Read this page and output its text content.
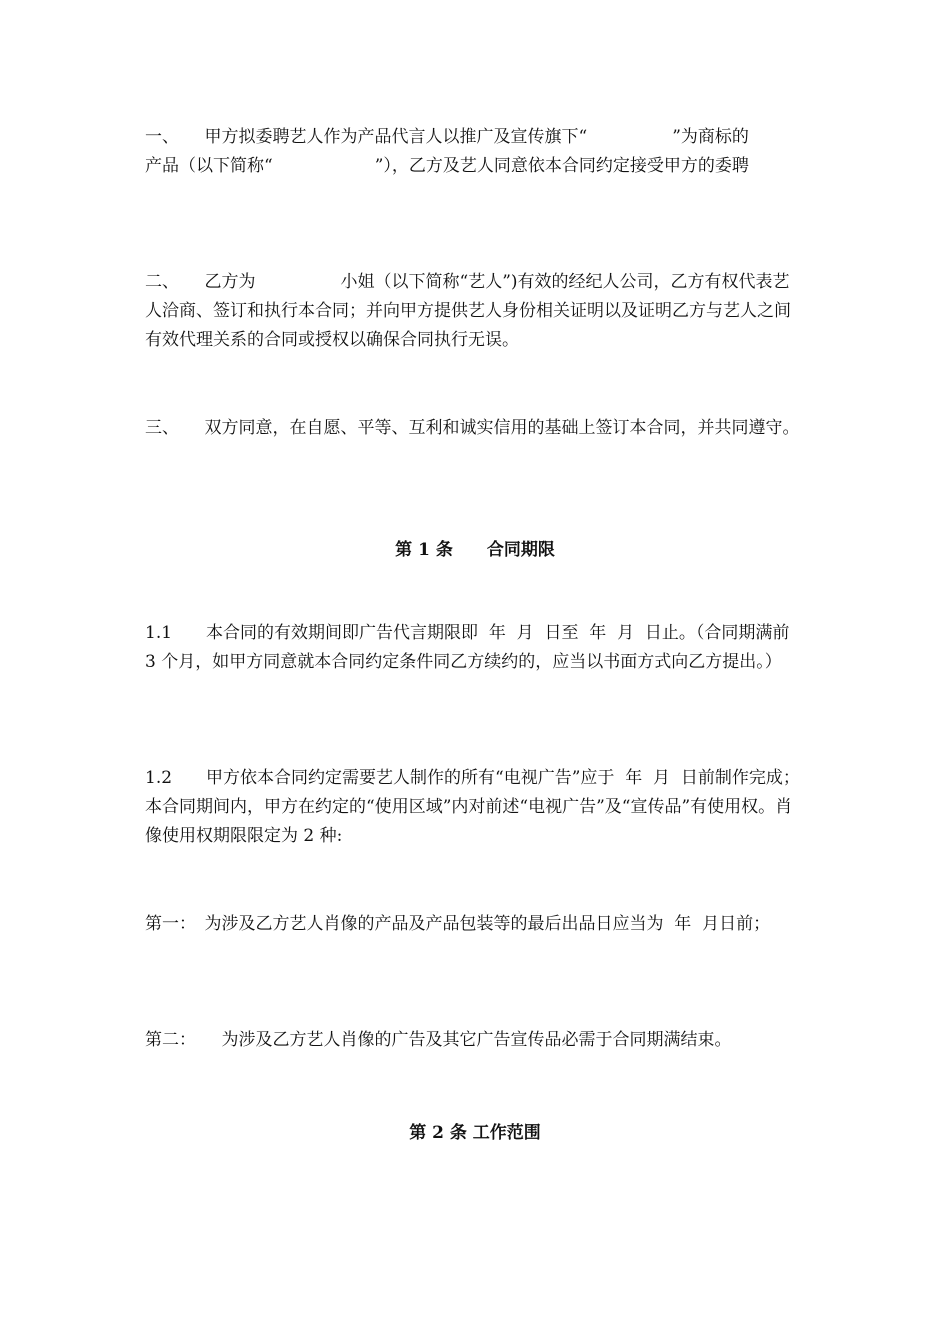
一、　　甲方拟委聘艺人作为产品代言人以推广及宣传旗下“　　　　　”为商标的　　　　　　产品（以下简称“　　　　　　”），乙方及艺人同意依本合同约定接受甲方的委聘

二、　　乙方为　　　　　小姐（以下简称“艺人”)有效的经纪人公司，乙方有权代表艺人洽商、签订和执行本合同；并向甲方提供艺人身份相关证明以及证明乙方与艺人之间有效代理关系的合同或授权以确保合同执行无误。

三、　　双方同意，在自愿、平等、互利和诚实信用的基础上签订本合同，并共同遵守。

第 1 条　　合同期限

1.1　　本合同的有效期间即广告代言期限即  年  月  日至  年  月  日止。（合同期满前 3 个月，如甲方同意就本合同约定条件同乙方续约的，应当以书面方式向乙方提出。）

1.2　　甲方依本合同约定需要艺人制作的所有“电视广告”应于  年  月  日前制作完成；本合同期间内，甲方在约定的“使用区域”内对前述“电视广告”及“宣传品”有使用权。肖像使用权期限限定为 2 种:

第一：　为涉及乙方艺人肖像的产品及产品包装等的最后出品日应当为  年  月日前；

第二：　　为涉及乙方艺人肖像的广告及其它广告宣传品必需于合同期满结束。

第 2 条 工作范围
